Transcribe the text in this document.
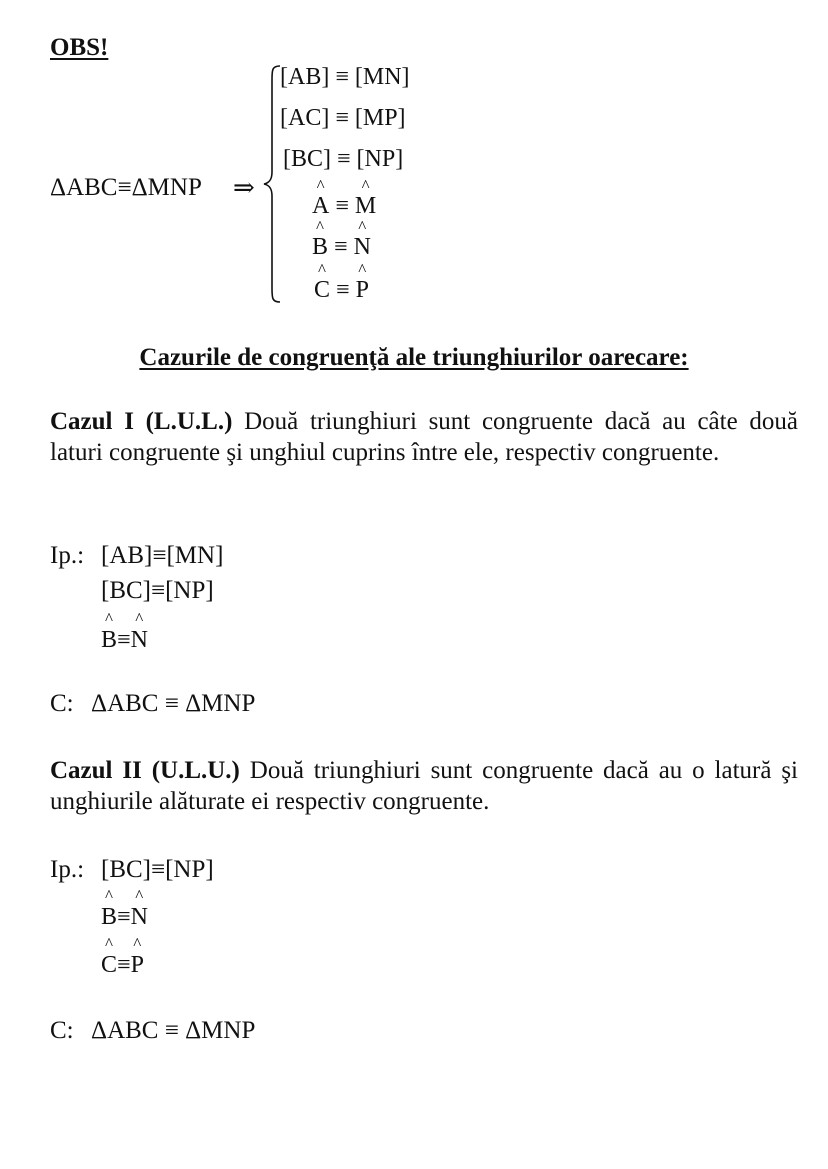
OBS!
ΔABC≡ΔMNP ⇒
[AB] ≡ [MN]
[AC] ≡ [MP]
[BC] ≡ [NP]
^ A ≡ ^ M
^ B ≡ ^ N
^ C ≡ ^ P
Cazurile de congruenţă ale triunghiurilor oarecare:
Cazul I (L.U.L.) Două triunghiuri sunt congruente dacă au câte două laturi congruente şi unghiul cuprins între ele, respectiv congruente.
Ip.: [AB]≡[MN]
[BC]≡[NP]
^ B≡^ N
C: ΔABC ≡ ΔMNP
Cazul II (U.L.U.) Două triunghiuri sunt congruente dacă au o latură şi unghiurile alăturate ei respectiv congruente.
Ip.: [BC]≡[NP]
^ B≡^ N
^ C≡^ P
C: ΔABC ≡ ΔMNP
